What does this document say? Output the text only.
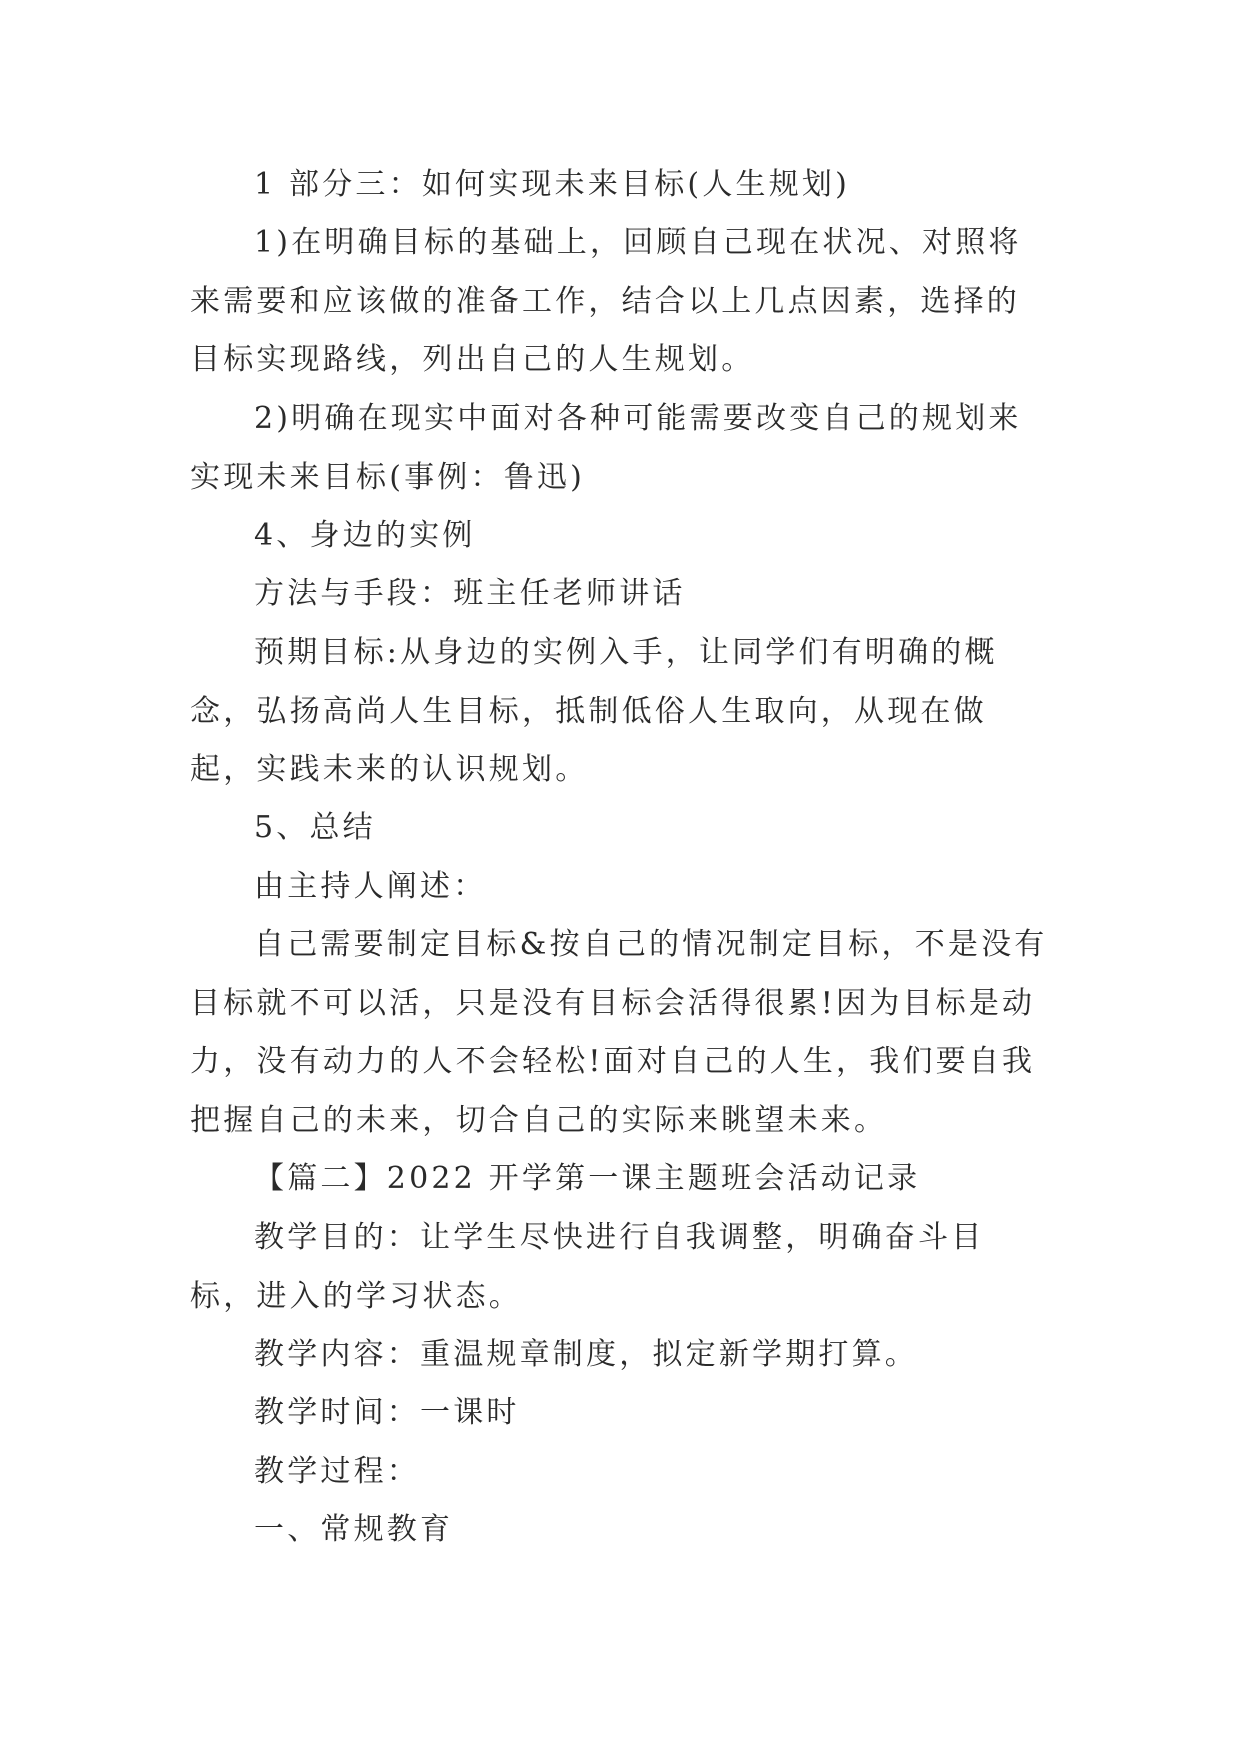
1 部分三：如何实现未来目标(人生规划)

1)在明确目标的基础上，回顾自己现在状况、对照将来需要和应该做的准备工作，结合以上几点因素，选择的目标实现路线，列出自己的人生规划。

2)明确在现实中面对各种可能需要改变自己的规划来实现未来目标(事例：鲁迅)

4、身边的实例

方法与手段：班主任老师讲话

预期目标:从身边的实例入手，让同学们有明确的概念，弘扬高尚人生目标，抵制低俗人生取向，从现在做起，实践未来的认识规划。

5、总结

由主持人阐述：

自己需要制定目标&按自己的情况制定目标，不是没有目标就不可以活，只是没有目标会活得很累!因为目标是动力，没有动力的人不会轻松!面对自己的人生，我们要自我把握自己的未来，切合自己的实际来眺望未来。

【篇二】2022 开学第一课主题班会活动记录

教学目的：让学生尽快进行自我调整，明确奋斗目标，进入的学习状态。

教学内容：重温规章制度，拟定新学期打算。

教学时间：一课时

教学过程：

一、常规教育
